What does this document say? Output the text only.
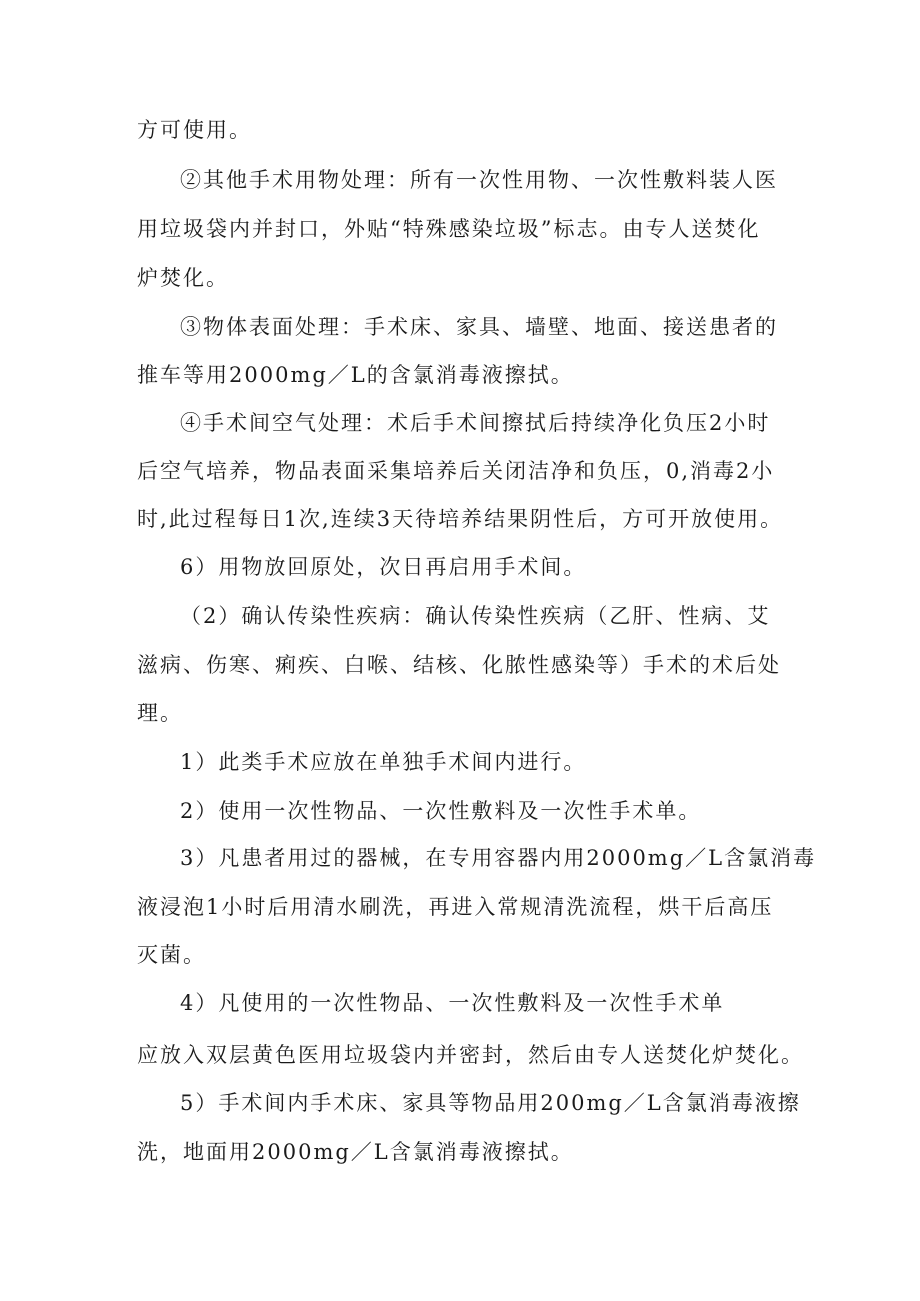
方可使用。
②其他手术用物处理：所有一次性用物、一次性敷料装人医
用垃圾袋内并封口，外贴“特殊感染垃圾”标志。由专人送焚化
炉焚化。
③物体表面处理：手术床、家具、墙壁、地面、接送患者的
推车等用2000mg／L的含氯消毒液擦拭。
④手术间空气处理：术后手术间擦拭后持续净化负压2小时
后空气培养，物品表面采集培养后关闭洁净和负压，0,消毒2小
时,此过程每日1次,连续3天待培养结果阴性后，方可开放使用。
6）用物放回原处，次日再启用手术间。
（2）确认传染性疾病：确认传染性疾病（乙肝、性病、艾
滋病、伤寒、痢疾、白喉、结核、化脓性感染等）手术的术后处
理。
1）此类手术应放在单独手术间内进行。
2）使用一次性物品、一次性敷料及一次性手术单。
3）凡患者用过的器械，在专用容器内用2000mg／L含氯消毒
液浸泡1小时后用清水刷洗，再进入常规清洗流程，烘干后高压
灭菌。
4）凡使用的一次性物品、一次性敷料及一次性手术单
应放入双层黄色医用垃圾袋内并密封，然后由专人送焚化炉焚化。
5）手术间内手术床、家具等物品用200mg／L含氯消毒液擦
洗，地面用2000mg／L含氯消毒液擦拭。
